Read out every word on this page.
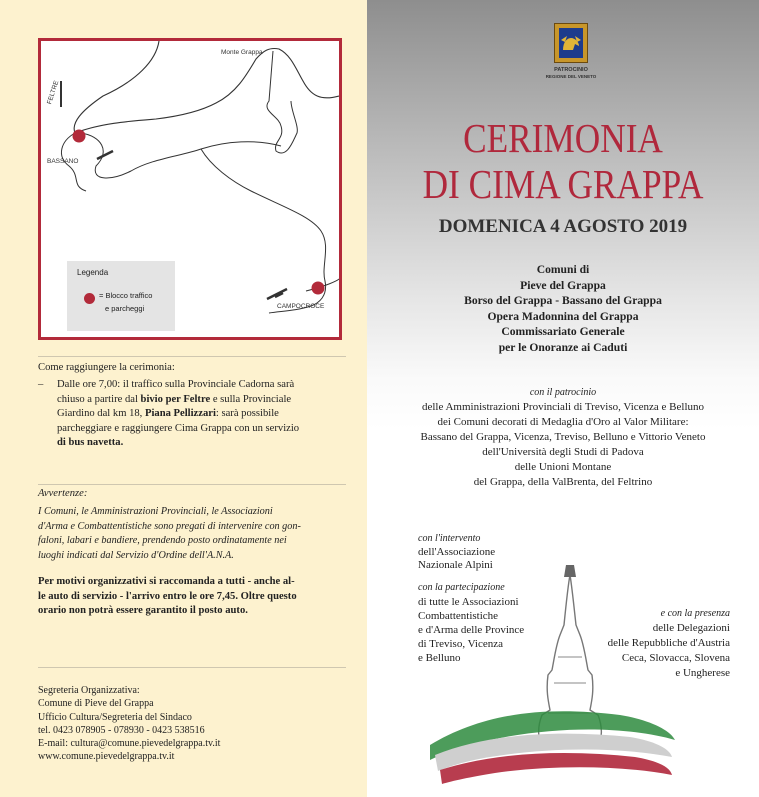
Monte Grappa
FELTRE
BASSANO
CAMPOCROCE
Legenda
= Blocco traffico
e parcheggi
Come raggiungere la cerimonia:
– Dalle ore 7,00: il traffico sulla Provinciale Cadorna sarà
chiuso a partire dal bivio per Feltre e sulla Provinciale
Giardino dal km 18, Piana Pellizzari: sarà possibile
parcheggiare e raggiungere Cima Grappa con un servizio
di bus navetta.
Avvertenze:
I Comuni, le Amministrazioni Provinciali, le Associazioni
d'Arma e Combattentistiche sono pregati di intervenire con gon-
faloni, labari e bandiere, prendendo posto ordinatamente nei
luoghi indicati dal Servizio d'Ordine dell'A.N.A.
Per motivi organizzativi si raccomanda a tutti - anche al-
le auto di servizio - l'arrivo entro le ore 7,45. Oltre questo
orario non potrà essere garantito il posto auto.
Segreteria Organizzativa:
Comune di Pieve del Grappa
Ufficio Cultura/Segreteria del Sindaco
tel. 0423 078905 - 078930 - 0423 538516
E-mail: cultura@comune.pievedelgrappa.tv.it
www.comune.pievedelgrappa.tv.it
PATROCINIO
REGIONE DEL VENETO
CERIMONIA
DI CIMA GRAPPA
DOMENICA 4 AGOSTO 2019
Comuni di
Pieve del Grappa
Borso del Grappa - Bassano del Grappa
Opera Madonnina del Grappa
Commissariato Generale
per le Onoranze ai Caduti
con il patrocinio
delle Amministrazioni Provinciali di Treviso, Vicenza e Belluno
dei Comuni decorati di Medaglia d'Oro al Valor Militare:
Bassano del Grappa, Vicenza, Treviso, Belluno e Vittorio Veneto
dell'Università degli Studi di Padova
delle Unioni Montane
del Grappa, della ValBrenta, del Feltrino
con l'intervento
dell'Associazione
Nazionale Alpini
con la partecipazione
di tutte le Associazioni
Combattentistiche
e d'Arma delle Province
di Treviso, Vicenza
e Belluno
e con la presenza
delle Delegazioni
delle Repubbliche d'Austria
Ceca, Slovacca, Slovena
e Ungherese
